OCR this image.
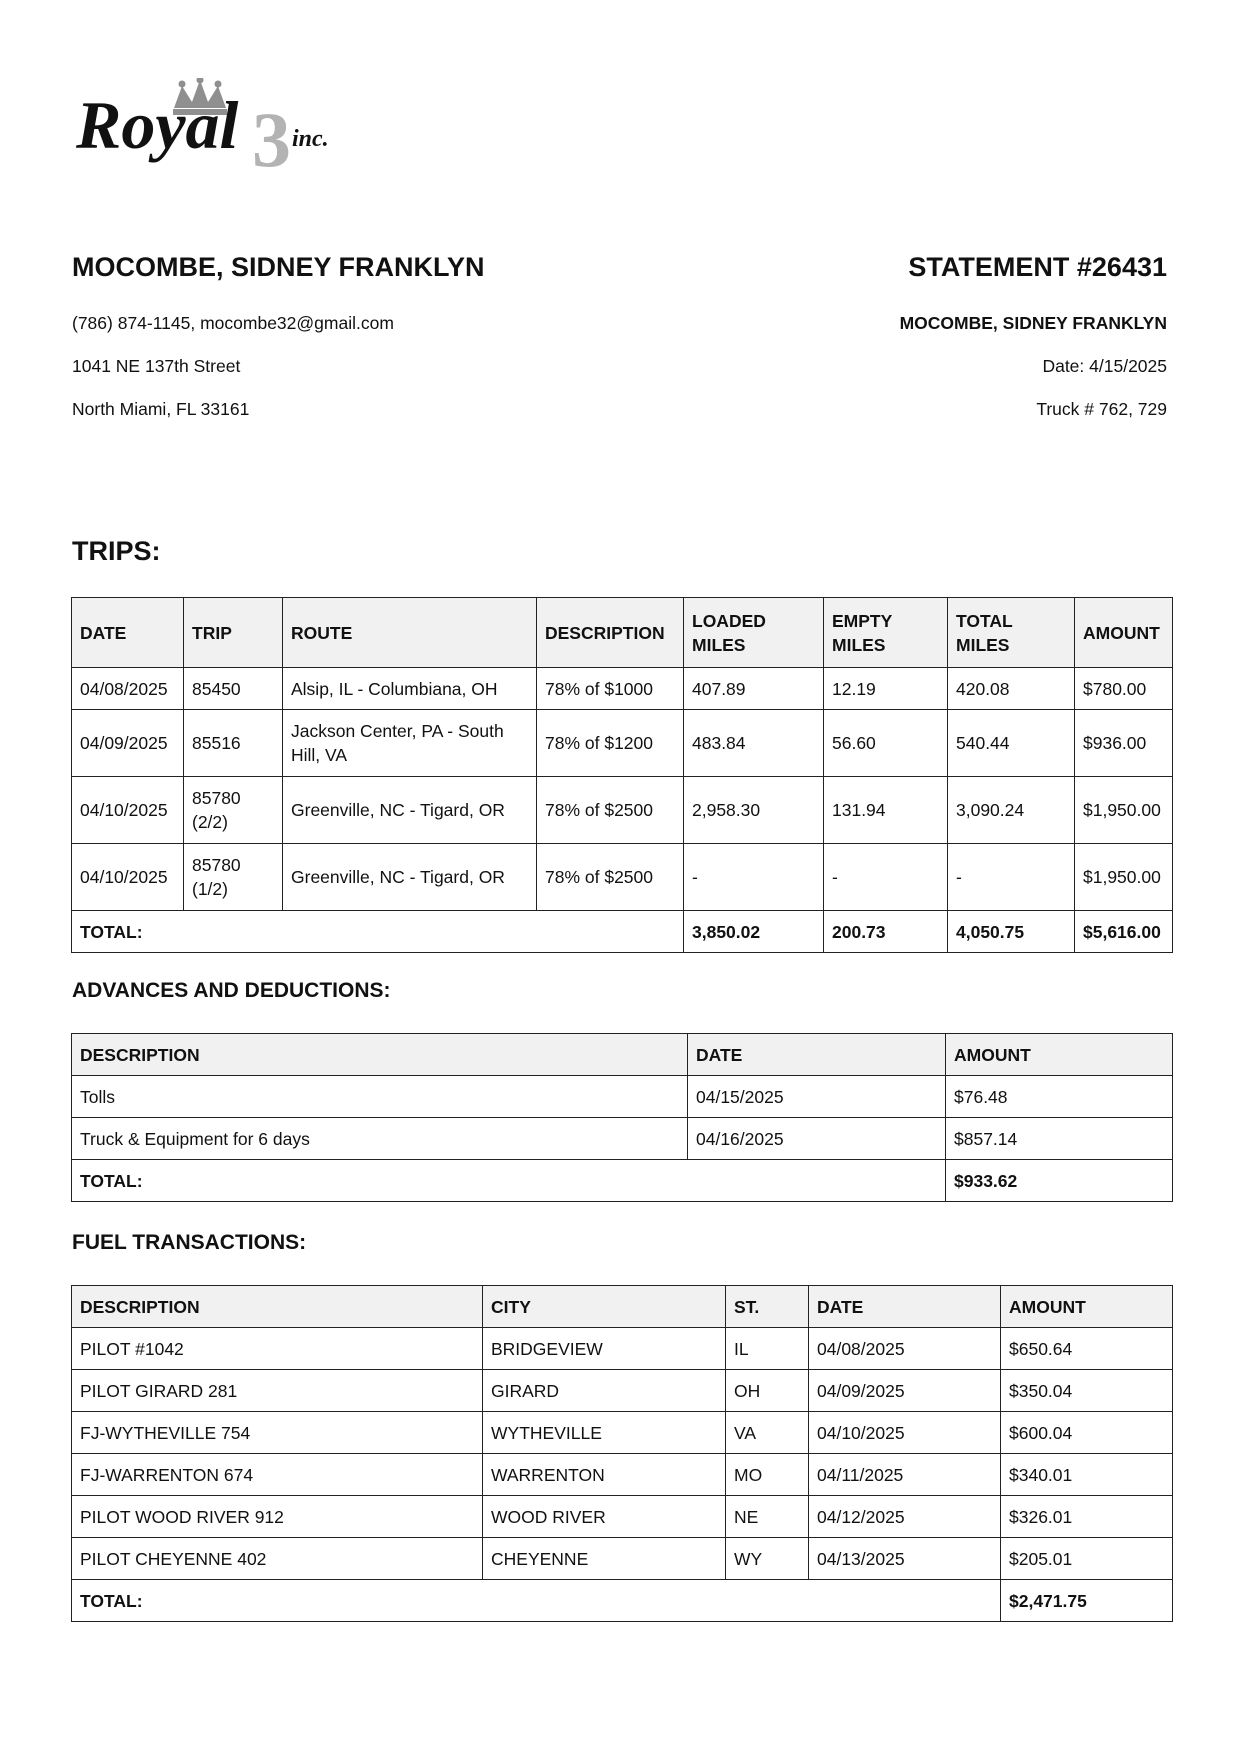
Royal 3 inc.
MOCOMBE, SIDNEY FRANKLYN
(786) 874-1145, mocombe32@gmail.com
1041 NE 137th Street
North Miami, FL 33161
STATEMENT #26431
MOCOMBE, SIDNEY FRANKLYN
Date: 4/15/2025
Truck # 762, 729
TRIPS:
DATE	TRIP	ROUTE	DESCRIPTION	LOADED MILES	EMPTY MILES	TOTAL MILES	AMOUNT
04/08/2025	85450	Alsip, IL - Columbiana, OH	78% of $1000	407.89	12.19	420.08	$780.00
04/09/2025	85516	Jackson Center, PA - South Hill, VA	78% of $1200	483.84	56.60	540.44	$936.00
04/10/2025	85780 (2/2)	Greenville, NC - Tigard, OR	78% of $2500	2,958.30	131.94	3,090.24	$1,950.00
04/10/2025	85780 (1/2)	Greenville, NC - Tigard, OR	78% of $2500	-	-	-	$1,950.00
TOTAL:				3,850.02	200.73	4,050.75	$5,616.00
ADVANCES AND DEDUCTIONS:
DESCRIPTION	DATE	AMOUNT
Tolls	04/15/2025	$76.48
Truck & Equipment for 6 days	04/16/2025	$857.14
TOTAL:		$933.62
FUEL TRANSACTIONS:
DESCRIPTION	CITY	ST.	DATE	AMOUNT
PILOT #1042	BRIDGEVIEW	IL	04/08/2025	$650.64
PILOT GIRARD 281	GIRARD	OH	04/09/2025	$350.04
FJ-WYTHEVILLE 754	WYTHEVILLE	VA	04/10/2025	$600.04
FJ-WARRENTON 674	WARRENTON	MO	04/11/2025	$340.01
PILOT WOOD RIVER 912	WOOD RIVER	NE	04/12/2025	$326.01
PILOT CHEYENNE 402	CHEYENNE	WY	04/13/2025	$205.01
TOTAL:				$2,471.75
